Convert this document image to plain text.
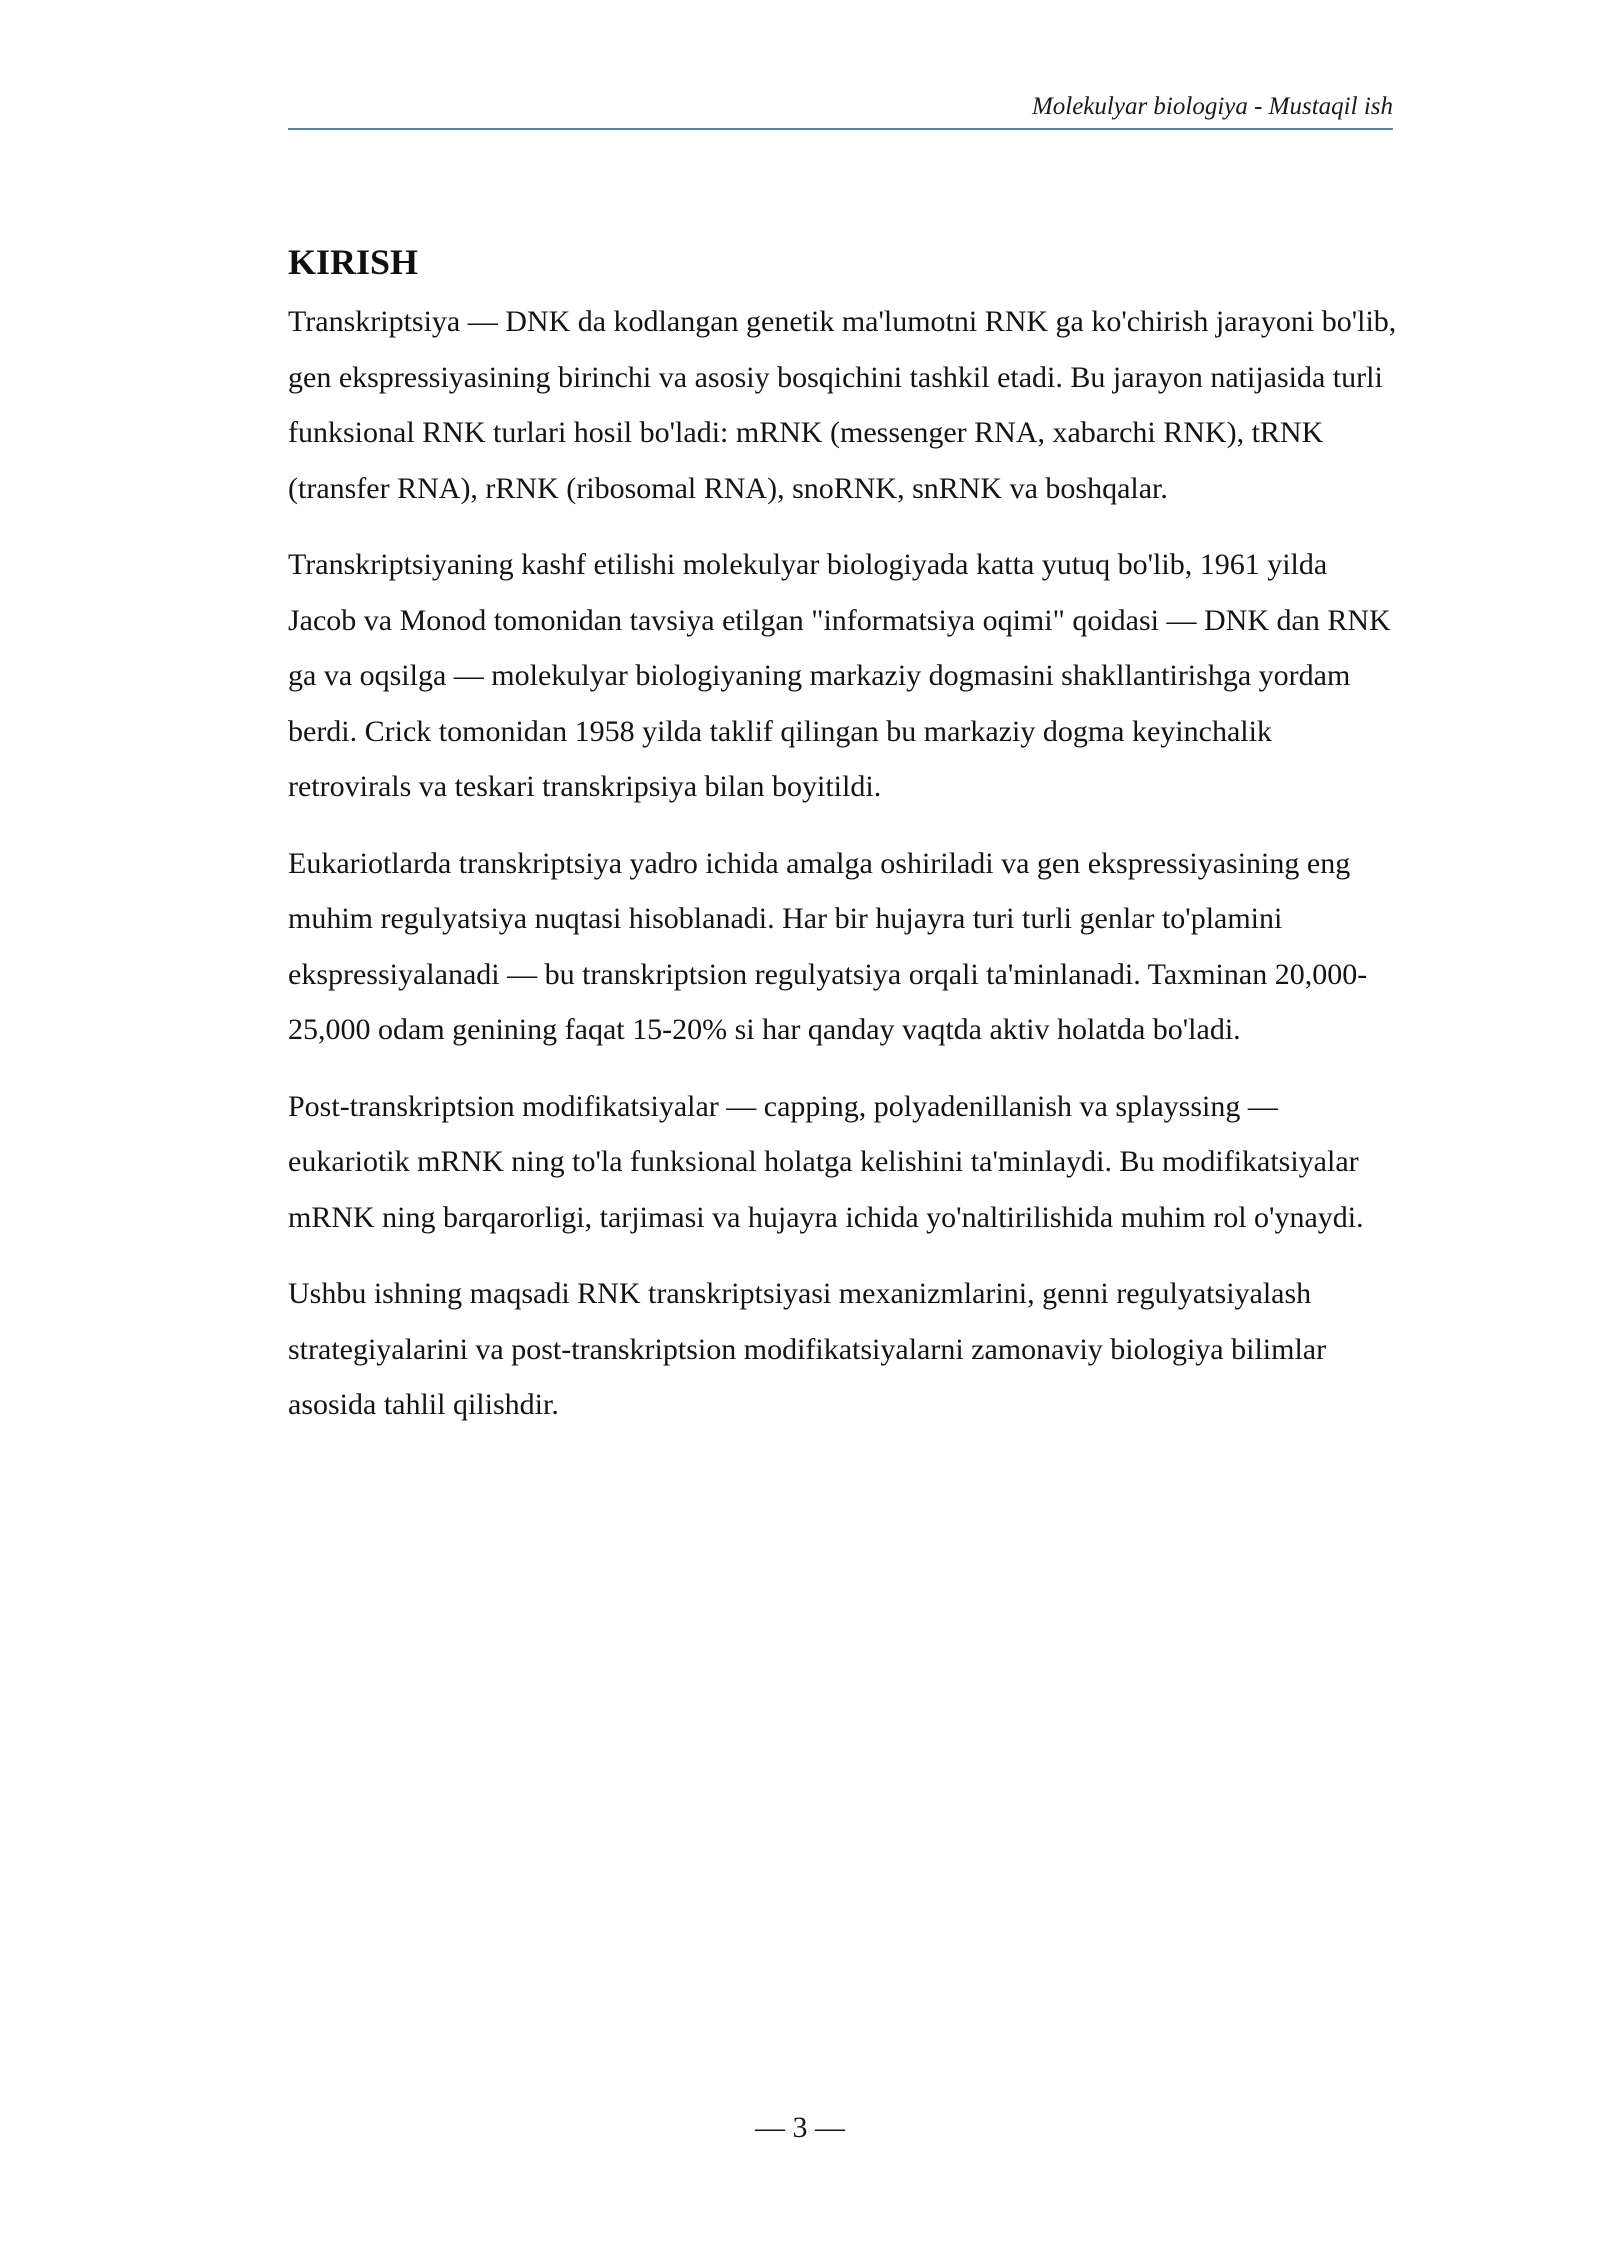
Molekulyar biologiya - Mustaqil ish
KIRISH

Transkriptsiya — DNK da kodlangan genetik ma'lumotni RNK ga ko'chirish jarayoni bo'lib, gen ekspressiyasining birinchi va asosiy bosqichini tashkil etadi. Bu jarayon natijasida turli funksional RNK turlari hosil bo'ladi: mRNK (messenger RNA, xabarchi RNK), tRNK (transfer RNA), rRNK (ribosomal RNA), snoRNK, snRNK va boshqalar.

Transkriptsiyaning kashf etilishi molekulyar biologiyada katta yutuq bo'lib, 1961 yilda Jacob va Monod tomonidan tavsiya etilgan "informatsiya oqimi" qoidasi — DNK dan RNK ga va oqsilga — molekulyar biologiyaning markaziy dogmasini shakllantirishga yordam berdi. Crick tomonidan 1958 yilda taklif qilingan bu markaziy dogma keyinchalik retrovirals va teskari transkripsiya bilan boyitildi.

Eukariotlarda transkriptsiya yadro ichida amalga oshiriladi va gen ekspressiyasining eng muhim regulyatsiya nuqtasi hisoblanadi. Har bir hujayra turi turli genlar to'plamini ekspressiyalanadi — bu transkriptsion regulyatsiya orqali ta'minlanadi. Taxminan 20,000-25,000 odam genining faqat 15-20% si har qanday vaqtda aktiv holatda bo'ladi.

Post-transkriptsion modifikatsiyalar — capping, polyadenillanish va splayssing — eukariotik mRNK ning to'la funksional holatga kelishini ta'minlaydi. Bu modifikatsiyalar mRNK ning barqarorligi, tarjimasi va hujayra ichida yo'naltirilishida muhim rol o'ynaydi.

Ushbu ishning maqsadi RNK transkriptsiyasi mexanizmlarini, genni regulyatsiyalash strategiyalarini va post-transkriptsion modifikatsiyalarni zamonaviy biologiya bilimlar asosida tahlil qilishdir.

— 3 —
